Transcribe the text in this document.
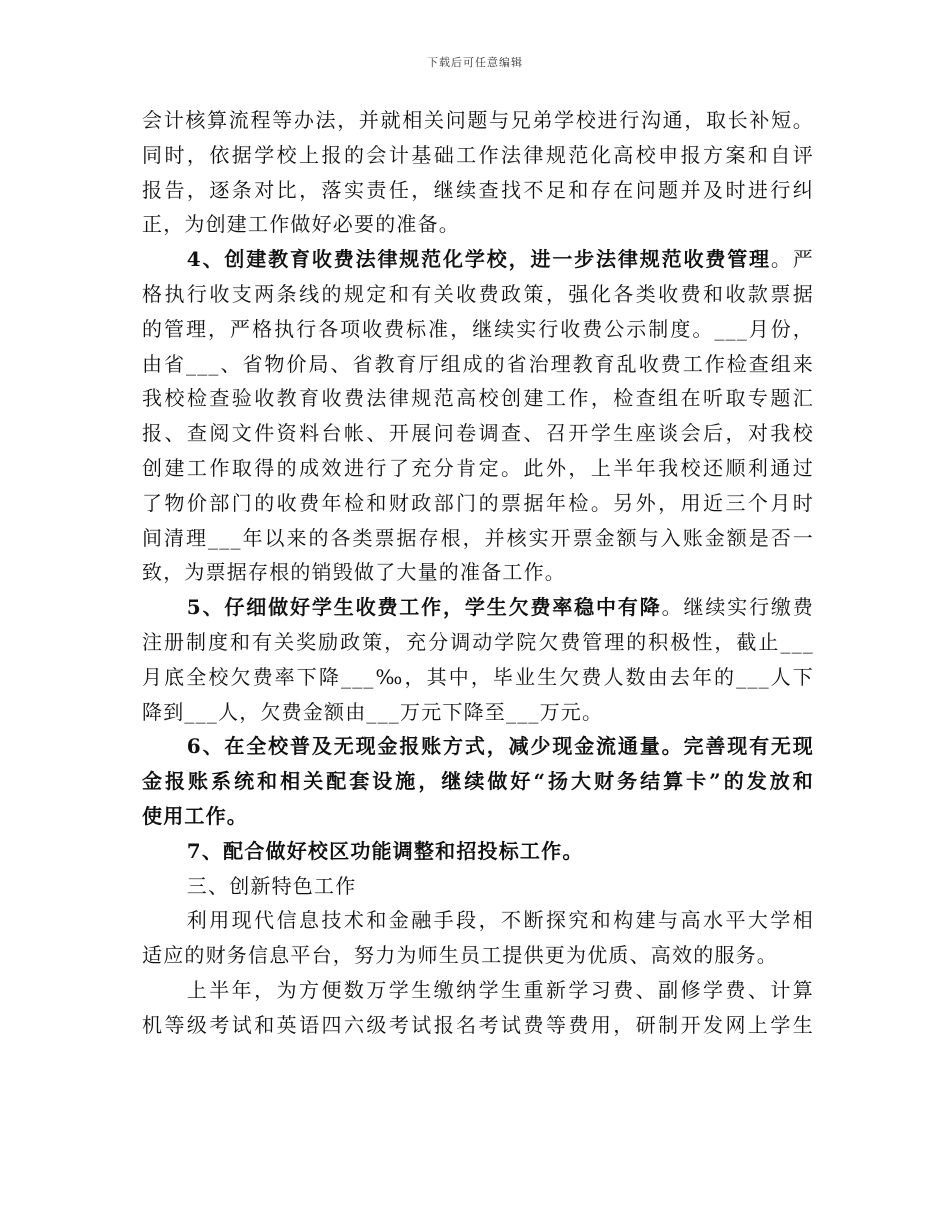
下载后可任意编辑
会计核算流程等办法，并就相关问题与兄弟学校进行沟通，取长补短。
同时，依据学校上报的会计基础工作法律规范化高校申报方案和自评
报告，逐条对比，落实责任，继续查找不足和存在问题并及时进行纠
正，为创建工作做好必要的准备。
4、创建教育收费法律规范化学校，进一步法律规范收费管理。严
格执行收支两条线的规定和有关收费政策，强化各类收费和收款票据
的管理，严格执行各项收费标准，继续实行收费公示制度。___月份，
由省___、省物价局、省教育厅组成的省治理教育乱收费工作检查组来
我校检查验收教育收费法律规范高校创建工作，检查组在听取专题汇
报、查阅文件资料台帐、开展问卷调查、召开学生座谈会后，对我校
创建工作取得的成效进行了充分肯定。此外，上半年我校还顺利通过
了物价部门的收费年检和财政部门的票据年检。另外，用近三个月时
间清理___年以来的各类票据存根，并核实开票金额与入账金额是否一
致，为票据存根的销毁做了大量的准备工作。
5、仔细做好学生收费工作，学生欠费率稳中有降。继续实行缴费
注册制度和有关奖励政策，充分调动学院欠费管理的积极性，截止___
月底全校欠费率下降___‰，其中，毕业生欠费人数由去年的___人下
降到___人，欠费金额由___万元下降至___万元。
6、在全校普及无现金报账方式，减少现金流通量。完善现有无现
金报账系统和相关配套设施，继续做好“扬大财务结算卡”的发放和
使用工作。
7、配合做好校区功能调整和招投标工作。
三、创新特色工作
利用现代信息技术和金融手段，不断探究和构建与高水平大学相
适应的财务信息平台，努力为师生员工提供更为优质、高效的服务。
上半年，为方便数万学生缴纳学生重新学习费、副修学费、计算
机等级考试和英语四六级考试报名考试费等费用，研制开发网上学生
